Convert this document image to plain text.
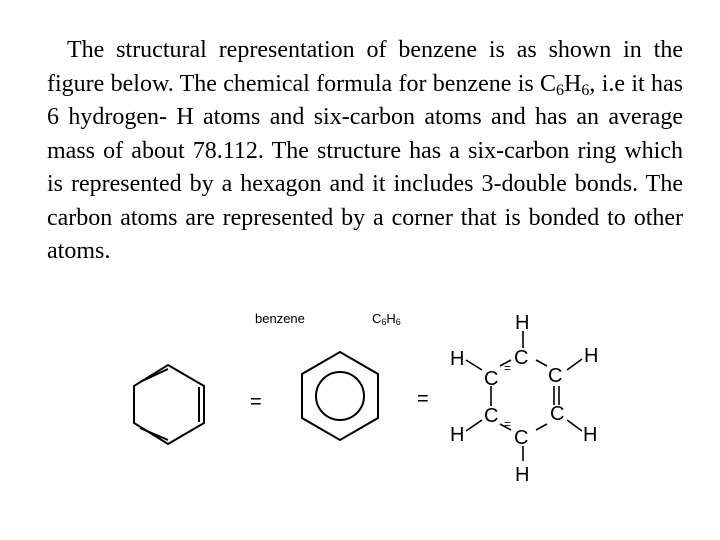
The structural representation of benzene is as shown in the figure below. The chemical formula for benzene is $C_6H_6$, i.e it has 6 hydrogen- H atoms and six-carbon atoms and has an average mass of about 78.112. The structure has a six-carbon ring which is represented by a hexagon and it includes 3-double bonds. The carbon atoms are represented by a corner that is bonded to other atoms.

benzene	$C_6H_6$
=	=
=
=
H
C
H
C
H
C
C	C
H	H
C
H
